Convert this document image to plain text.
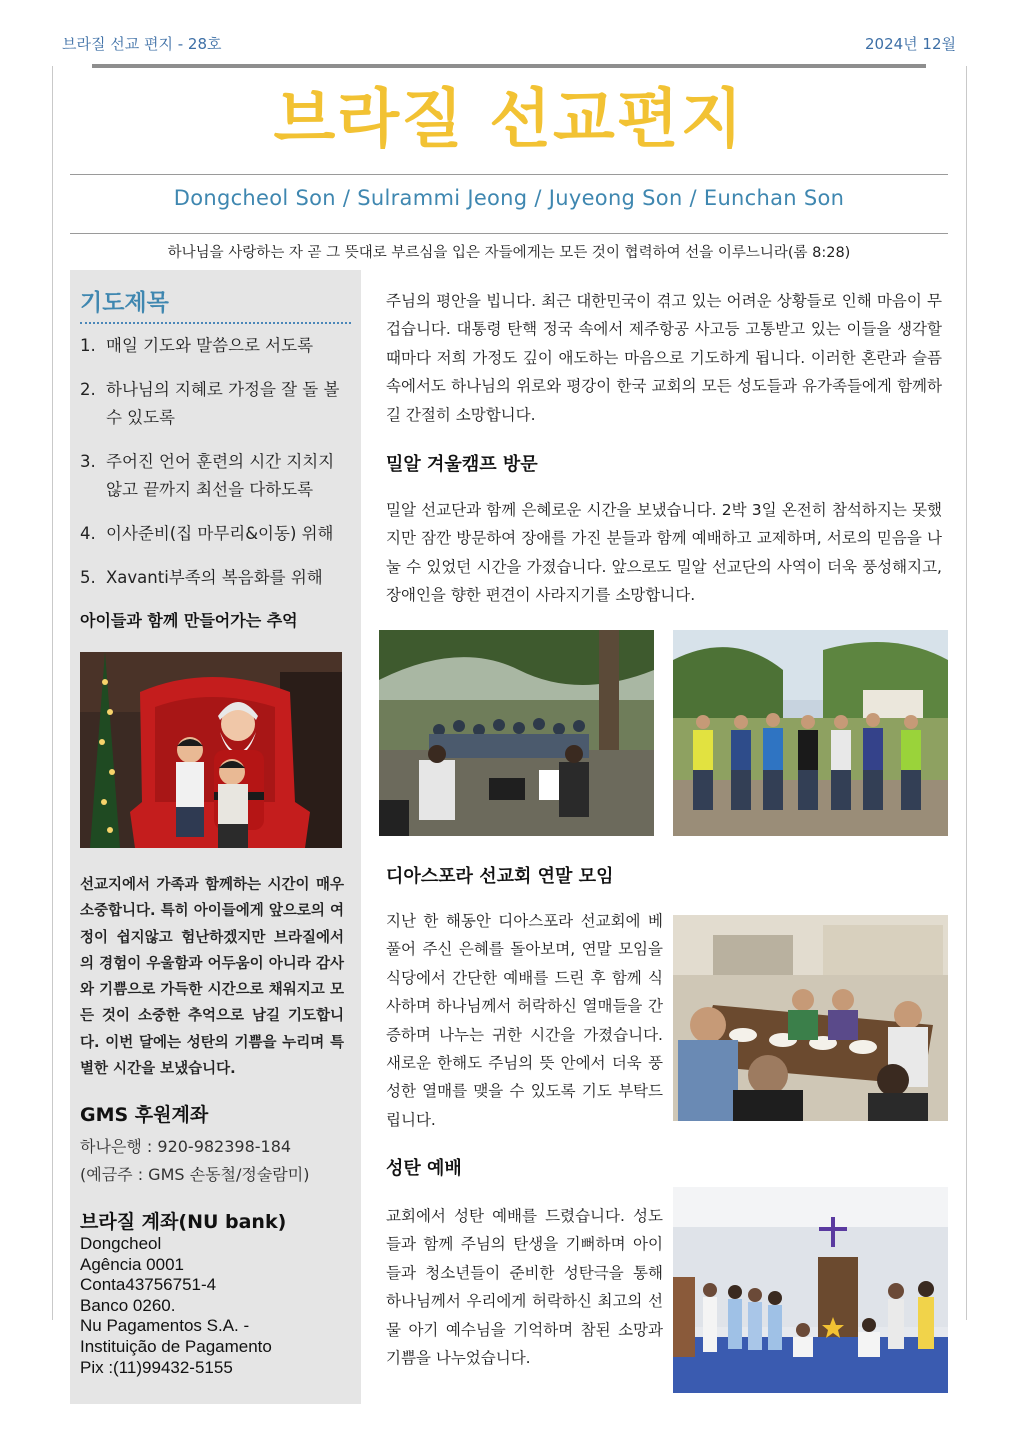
브라질 선교 편지 - 28호	2024년 12월
브라질 선교편지
Dongcheol Son / Sulrammi Jeong / Juyeong Son / Eunchan Son
하나님을 사랑하는 자 곧 그 뜻대로 부르심을 입은 자들에게는 모든 것이 협력하여 선을 이루느니라(롬 8:28)
기도제목
1. 매일 기도와 말씀으로 서도록
2. 하나님의 지혜로 가정을 잘 돌 볼 수 있도록
3. 주어진 언어 훈련의 시간 지치지 않고 끝까지 최선을 다하도록
4. 이사준비(집 마무리&이동) 위해
5. Xavanti부족의 복음화를 위해
아이들과 함께 만들어가는 추억

선교지에서 가족과 함께하는 시간이 매우 소중합니다. 특히 아이들에게 앞으로의 여정이 쉽지않고 험난하겠지만 브라질에서의 경험이 우울함과 어두움이 아니라 감사와 기쁨으로 가득한 시간으로 채워지고 모든 것이 소중한 추억으로 남길 기도합니다. 이번 달에는 성탄의 기쁨을 누리며 특별한 시간을 보냈습니다.

GMS 후원계좌
하나은행 : 920-982398-184
(예금주 : GMS 손동철/정술람미)
브라질 계좌(NU bank)
Dongcheol
Agência 0001
Conta43756751-4
Banco 0260.
Nu Pagamentos S.A. -
Instituição de Pagamento
Pix :(11)99432-5155

주님의 평안을 빕니다. 최근 대한민국이 겪고 있는 어려운 상황들로 인해 마음이 무겁습니다. 대통령 탄핵 정국 속에서 제주항공 사고등 고통받고 있는 이들을 생각할 때마다 저희 가정도 깊이 애도하는 마음으로 기도하게 됩니다. 이러한 혼란과 슬픔 속에서도 하나님의 위로와 평강이 한국 교회의 모든 성도들과 유가족들에게 함께하길 간절히 소망합니다.

밀알 겨울캠프 방문

밀알 선교단과 함께 은혜로운 시간을 보냈습니다. 2박 3일 온전히 참석하지는 못했지만 잠깐 방문하여 장애를 가진 분들과 함께 예배하고 교제하며, 서로의 믿음을 나눌 수 있었던 시간을 가졌습니다. 앞으로도 밀알 선교단의 사역이 더욱 풍성해지고, 장애인을 향한 편견이 사라지기를 소망합니다.

디아스포라 선교회 연말 모임

지난 한 해동안 디아스포라 선교회에 베풀어 주신 은혜를 돌아보며, 연말 모임을 식당에서 간단한 예배를 드린 후 함께 식사하며 하나님께서 허락하신 열매들을 간증하며 나누는 귀한 시간을 가졌습니다. 새로운 한해도 주님의 뜻 안에서 더욱 풍성한 열매를 맺을 수 있도록 기도 부탁드립니다.

성탄 예배

교회에서 성탄 예배를 드렸습니다. 성도들과 함께 주님의 탄생을 기뻐하며 아이들과 청소년들이 준비한 성탄극을 통해 하나님께서 우리에게 허락하신 최고의 선물 아기 예수님을 기억하며 참된 소망과 기쁨을 나누었습니다.
